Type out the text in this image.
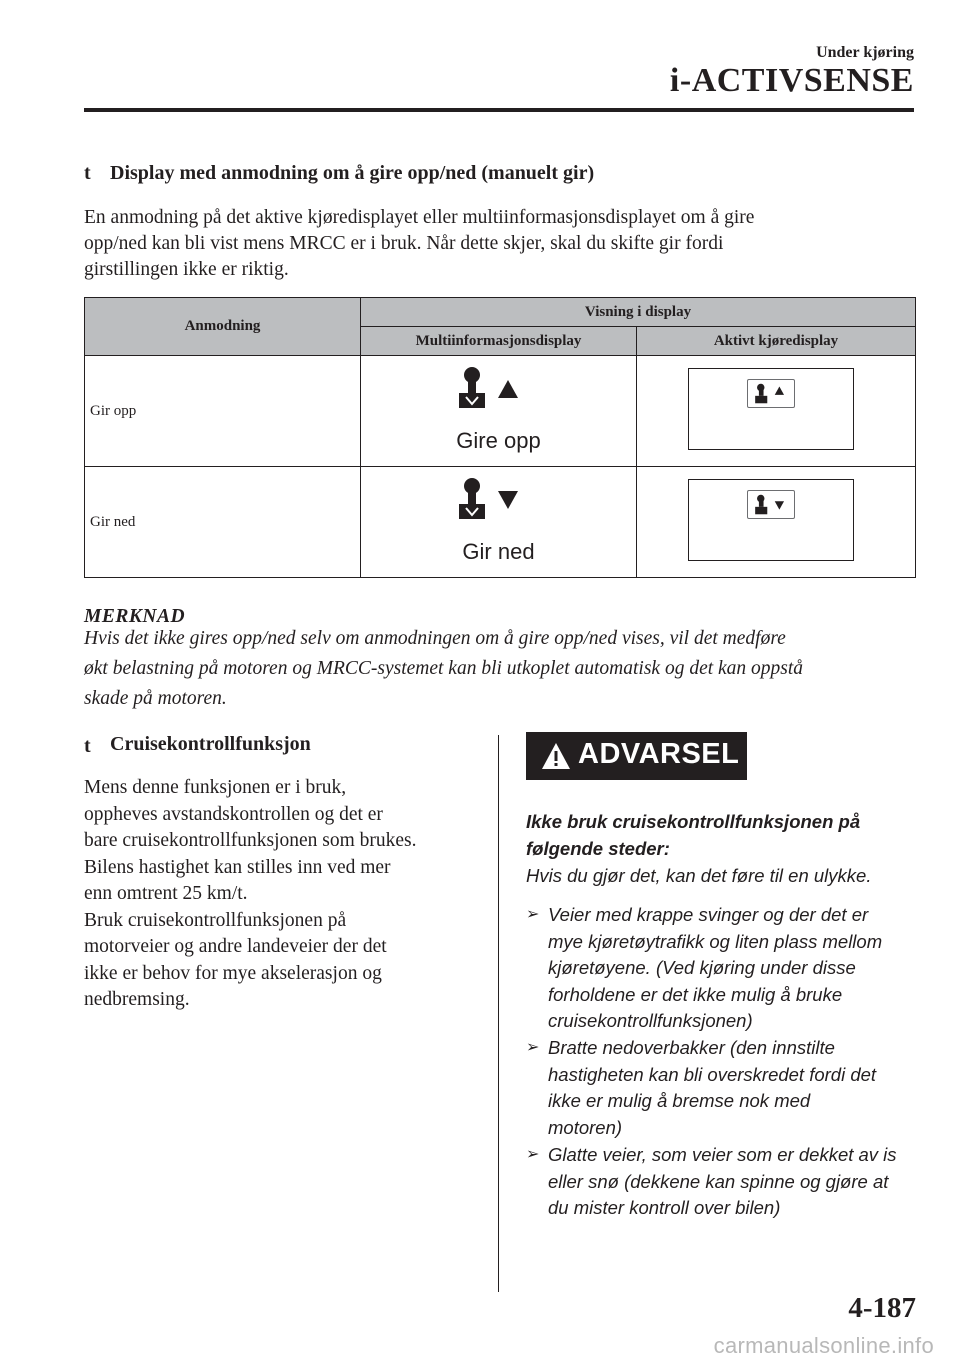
Under kjøring
i-ACTIVSENSE
t Display med anmodning om å gire opp/ned (manuelt gir)
En anmodning på det aktive kjøredisplayet eller multiinformasjonsdisplayet om å gire
opp/ned kan bli vist mens MRCC er i bruk. Når dette skjer, skal du skifte gir fordi
girstillingen ikke er riktig.
Anmodning	Visning i display	
	Multiinformasjonsdisplay	Aktivt kjøredisplay
Gir opp	Gire opp

Gir ned	Gir ned

MERKNAD
Hvis det ikke gires opp/ned selv om anmodningen om å gire opp/ned vises, vil det medføre
økt belastning på motoren og MRCC-systemet kan bli utkoplet automatisk og det kan oppstå
skade på motoren.
t Cruisekontrollfunksjon
Mens denne funksjonen er i bruk,
oppheves avstandskontrollen og det er
bare cruisekontrollfunksjonen som brukes.
Bilens hastighet kan stilles inn ved mer
enn omtrent 25 km/t.
Bruk cruisekontrollfunksjonen på
motorveier og andre landeveier der det
ikke er behov for mye akselerasjon og
nedbremsing.
ADVARSEL
Ikke bruk cruisekontrollfunksjonen på
følgende steder:
Hvis du gjør det, kan det føre til en ulykke.
➢ Veier med krappe svinger og der det er
mye kjøretøytrafikk og liten plass mellom
kjøretøyene. (Ved kjøring under disse
forholdene er det ikke mulig å bruke
cruisekontrollfunksjonen)
➢ Bratte nedoverbakker (den innstilte
hastigheten kan bli overskredet fordi det
ikke er mulig å bremse nok med
motoren)
➢ Glatte veier, som veier som er dekket av is
eller snø (dekkene kan spinne og gjøre at
du mister kontroll over bilen)
4-187
carmanualsonline.info
